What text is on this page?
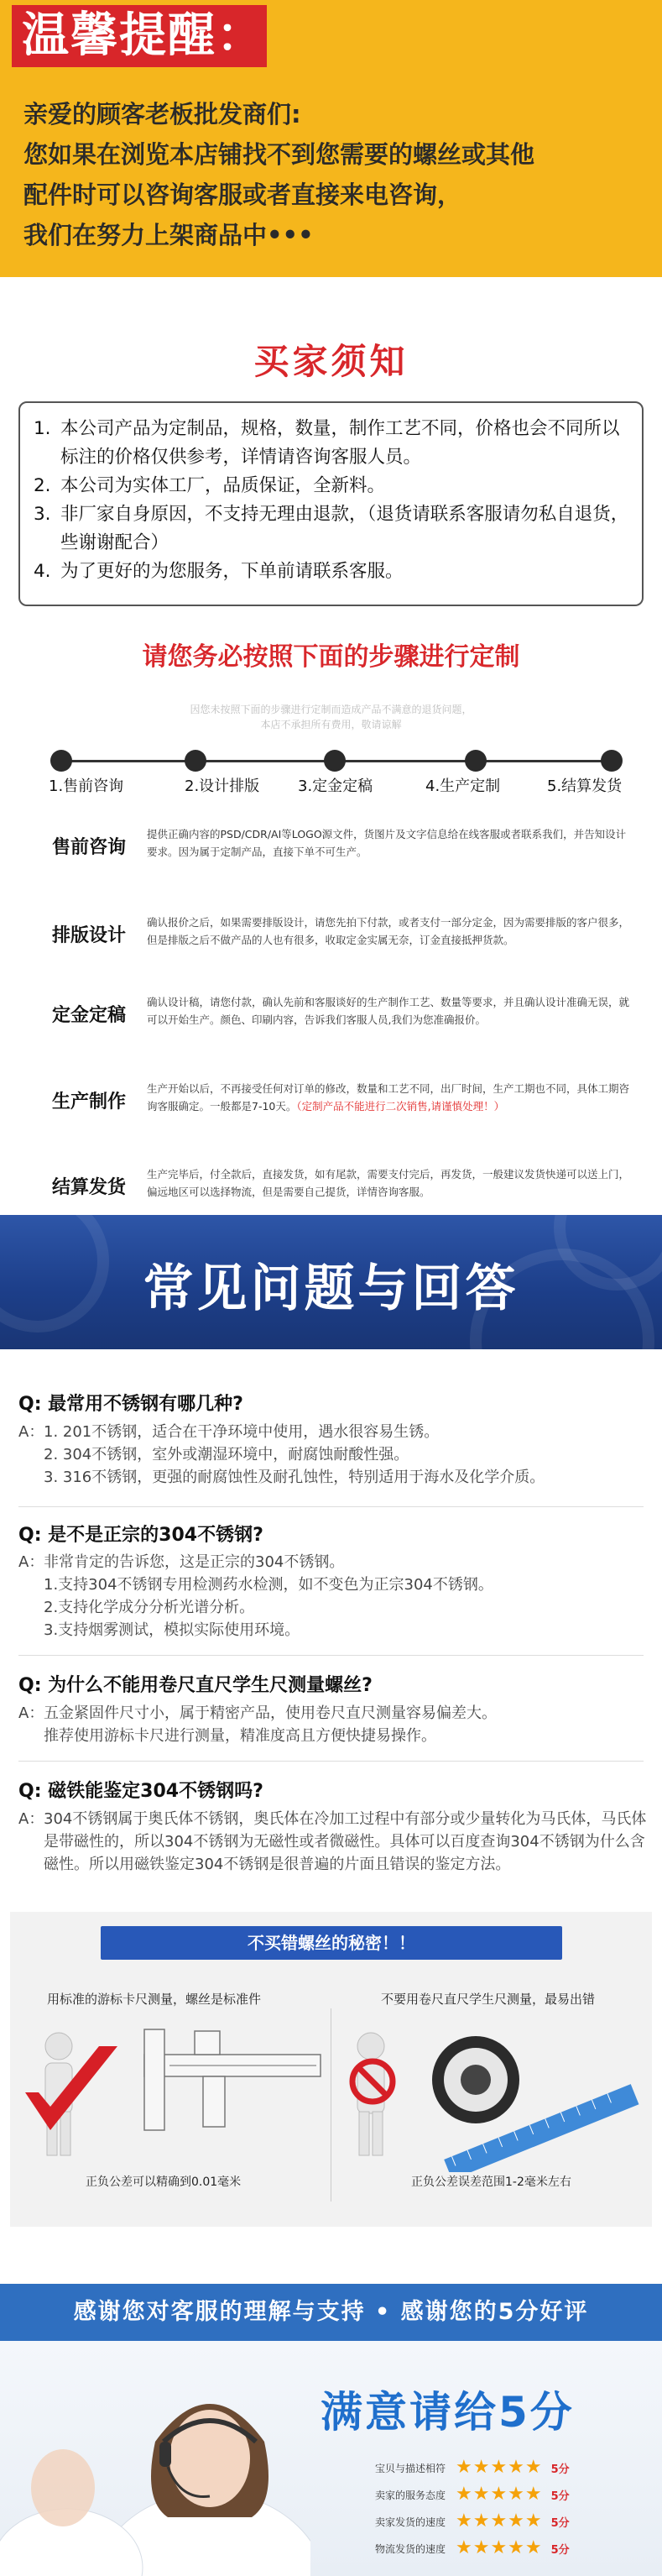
温馨提醒：
亲爱的顾客老板批发商们:
您如果在浏览本店铺找不到您需要的螺丝或其他
配件时可以咨询客服或者直接来电咨询，
我们在努力上架商品中•••
买家须知
1. 本公司产品为定制品，规格，数量，制作工艺不同，价格也会不同所以标注的价格仅供参考，详情请咨询客服人员。
2. 本公司为实体工厂，品质保证，全新料。
3. 非厂家自身原因，不支持无理由退款，（退货请联系客服请勿私自退货，些谢谢配合）
4. 为了更好的为您服务，下单前请联系客服。
请您务必按照下面的步骤进行定制
因您未按照下面的步骤进行定制而造成产品不满意的退货问题，
本店不承担所有费用，敬请谅解
1.售前咨询	2.设计排版	3.定金定稿	4.生产定制	5.结算发货
售前咨询
提供正确内容的PSD/CDR/AI等LOGO源文件，货图片及文字信息给在线客服或者联系我们，并告知设计要求。因为属于定制产品，直接下单不可生产。
排版设计
确认报价之后，如果需要排版设计，请您先拍下付款，或者支付一部分定金，因为需要排版的客户很多，但是排版之后不做产品的人也有很多，收取定金实属无奈，订金直接抵押货款。
定金定稿
确认设计稿，请您付款，确认先前和客服谈好的生产制作工艺、数量等要求，并且确认设计准确无误，就可以开始生产。颜色、印刷内容，告诉我们客服人员,我们为您准确报价。
生产制作
生产开始以后，不再接受任何对订单的修改，数量和工艺不同，出厂时间，生产工期也不同，具体工期咨询客服确定。一般都是7-10天。（定制产品不能进行二次销售,请谨慎处理！）
结算发货
生产完毕后，付全款后，直接发货，如有尾款，需要支付完后，再发货，一般建议发货快递可以送上门，偏远地区可以选择物流，但是需要自己提货，详情咨询客服。
常见问题与回答
Q: 最常用不锈钢有哪几种?
A： 1. 201不锈钢，适合在干净环境中使用，遇水很容易生锈。
2. 304不锈钢，室外或潮湿环境中，耐腐蚀耐酸性强。
3. 316不锈钢，更强的耐腐蚀性及耐孔蚀性，特别适用于海水及化学介质。
Q: 是不是正宗的304不锈钢?
A： 非常肯定的告诉您，这是正宗的304不锈钢。
1.支持304不锈钢专用检测药水检测，如不变色为正宗304不锈钢。
2.支持化学成分分析光谱分析。
3.支持烟雾测试，模拟实际使用环境。
Q: 为什么不能用卷尺直尺学生尺测量螺丝?
A： 五金紧固件尺寸小，属于精密产品，使用卷尺直尺测量容易偏差大。
推荐使用游标卡尺进行测量，精准度高且方便快捷易操作。
Q: 磁铁能鉴定304不锈钢吗?
A： 304不锈钢属于奥氏体不锈钢，奥氏体在冷加工过程中有部分或少量转化为马氏体，马氏体是带磁性的，所以304不锈钢为无磁性或者微磁性。具体可以百度查询304不锈钢为什么含磁性。所以用磁铁鉴定304不锈钢是很普遍的片面且错误的鉴定方法。
不买错螺丝的秘密！！
用标准的游标卡尺测量，螺丝是标准件	不要用卷尺直尺学生尺测量，最易出错
正负公差可以精确到0.01毫米	正负公差误差范围1-2毫米左右
感谢您对客服的理解与支持 • 感谢您的5分好评
满意请给5分
宝贝与描述相符 ★★★★★ 5分
卖家的服务态度 ★★★★★ 5分
卖家发货的速度 ★★★★★ 5分
物流发货的速度 ★★★★★ 5分
